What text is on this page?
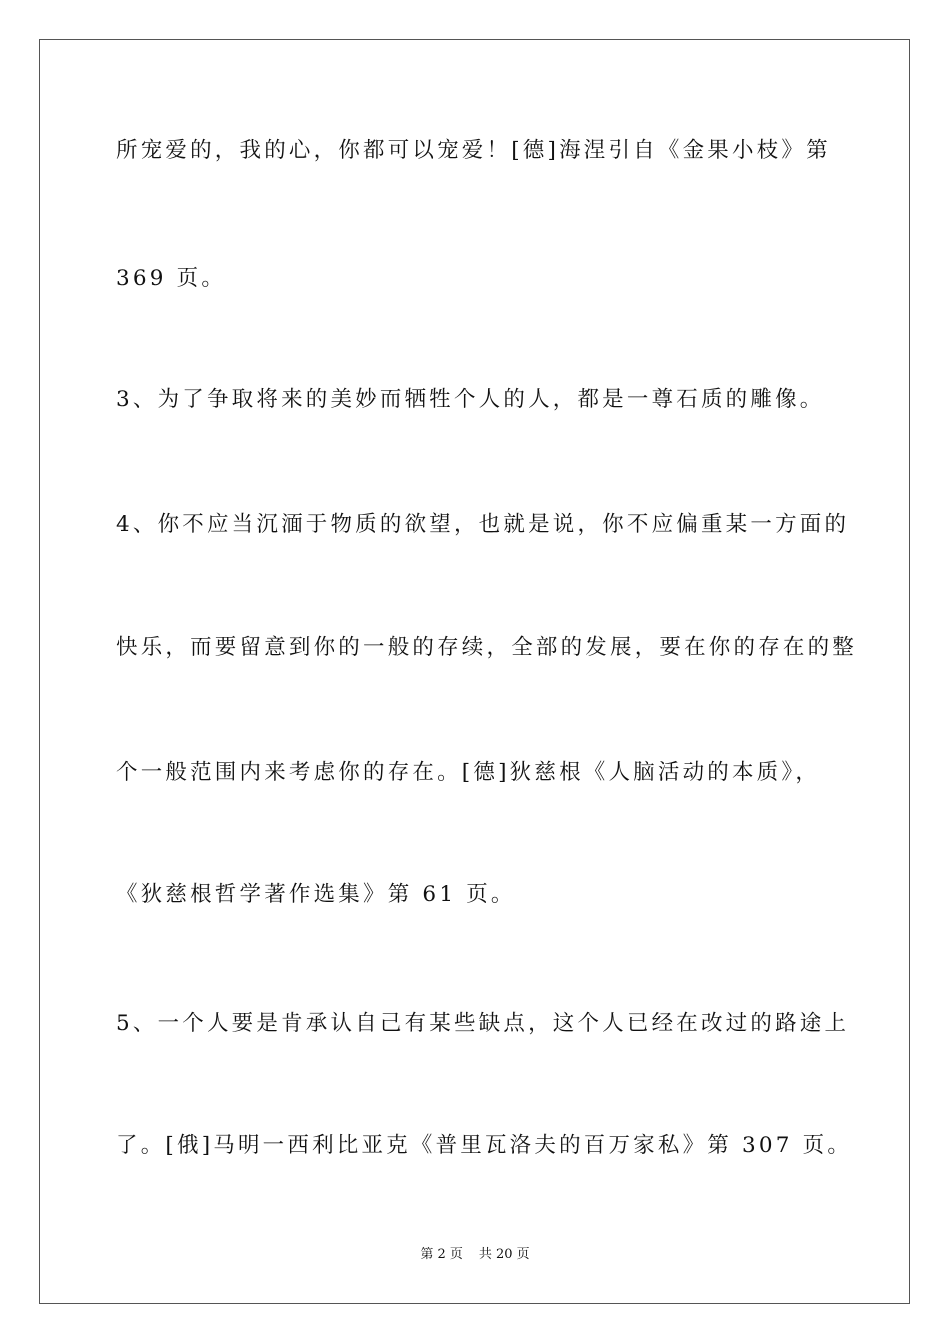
所宠爱的，我的心，你都可以宠爱！[德]海涅引自《金果小枝》第
369 页。
3、为了争取将来的美妙而牺牲个人的人，都是一尊石质的雕像。
4、你不应当沉湎于物质的欲望，也就是说，你不应偏重某一方面的
快乐，而要留意到你的一般的存续，全部的发展，要在你的存在的整
个一般范围内来考虑你的存在。[德]狄慈根《人脑活动的本质》，
《狄慈根哲学著作选集》第 61 页。
5、一个人要是肯承认自己有某些缺点，这个人已经在改过的路途上
了。[俄]马明一西利比亚克《普里瓦洛夫的百万家私》第 307 页。
第 2 页 共 20 页
